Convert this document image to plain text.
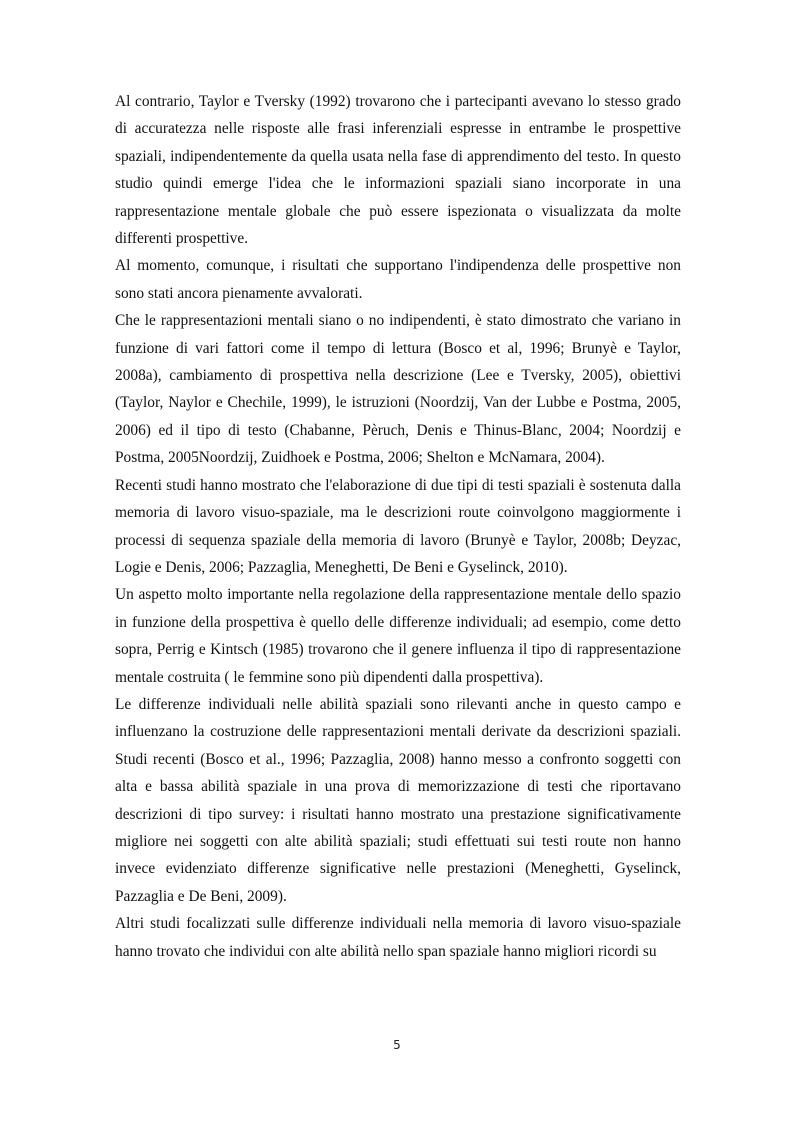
Al contrario, Taylor e Tversky (1992) trovarono che i partecipanti avevano lo stesso grado di accuratezza nelle risposte alle frasi inferenziali espresse in entrambe le prospettive spaziali, indipendentemente da quella usata nella fase di apprendimento del testo. In questo studio quindi emerge l'idea che le informazioni spaziali siano incorporate in una rappresentazione mentale globale che può essere ispezionata o visualizzata da molte differenti prospettive.

Al momento, comunque, i risultati che supportano l'indipendenza delle prospettive non sono stati ancora pienamente avvalorati.

Che le rappresentazioni mentali siano o no indipendenti, è stato dimostrato che variano in funzione di vari fattori come il tempo di lettura (Bosco et al, 1996; Brunyè e Taylor, 2008a), cambiamento di prospettiva nella descrizione (Lee e Tversky, 2005), obiettivi (Taylor, Naylor e Chechile, 1999), le istruzioni (Noordzij, Van der Lubbe e Postma, 2005, 2006) ed il tipo di testo (Chabanne, Pèruch, Denis e Thinus-Blanc, 2004; Noordzij e Postma, 2005Noordzij, Zuidhoek e Postma, 2006; Shelton e McNamara, 2004).

Recenti studi hanno mostrato che l'elaborazione di due tipi di testi spaziali è sostenuta dalla memoria di lavoro visuo-spaziale, ma le descrizioni route coinvolgono maggiormente i processi di sequenza spaziale della memoria di lavoro (Brunyè e Taylor, 2008b; Deyzac, Logie e Denis, 2006; Pazzaglia, Meneghetti, De Beni e Gyselinck, 2010).

Un aspetto molto importante nella regolazione della rappresentazione mentale dello spazio in funzione della prospettiva è quello delle differenze individuali; ad esempio, come detto sopra, Perrig e Kintsch (1985) trovarono che il genere influenza il tipo di rappresentazione mentale costruita ( le femmine sono più dipendenti dalla prospettiva).

Le differenze individuali nelle abilità spaziali sono rilevanti anche in questo campo e influenzano la costruzione delle rappresentazioni mentali derivate da descrizioni spaziali. Studi recenti (Bosco et al., 1996; Pazzaglia, 2008) hanno messo a confronto soggetti con alta e bassa abilità spaziale in una prova di memorizzazione di testi che riportavano descrizioni di tipo survey: i risultati hanno mostrato una prestazione significativamente migliore nei soggetti con alte abilità spaziali; studi effettuati sui testi route non hanno invece evidenziato differenze significative nelle prestazioni (Meneghetti, Gyselinck, Pazzaglia e De Beni, 2009).

Altri studi focalizzati sulle differenze individuali nella memoria di lavoro visuo-spaziale hanno trovato che individui con alte abilità nello span spaziale hanno migliori ricordi su

5
